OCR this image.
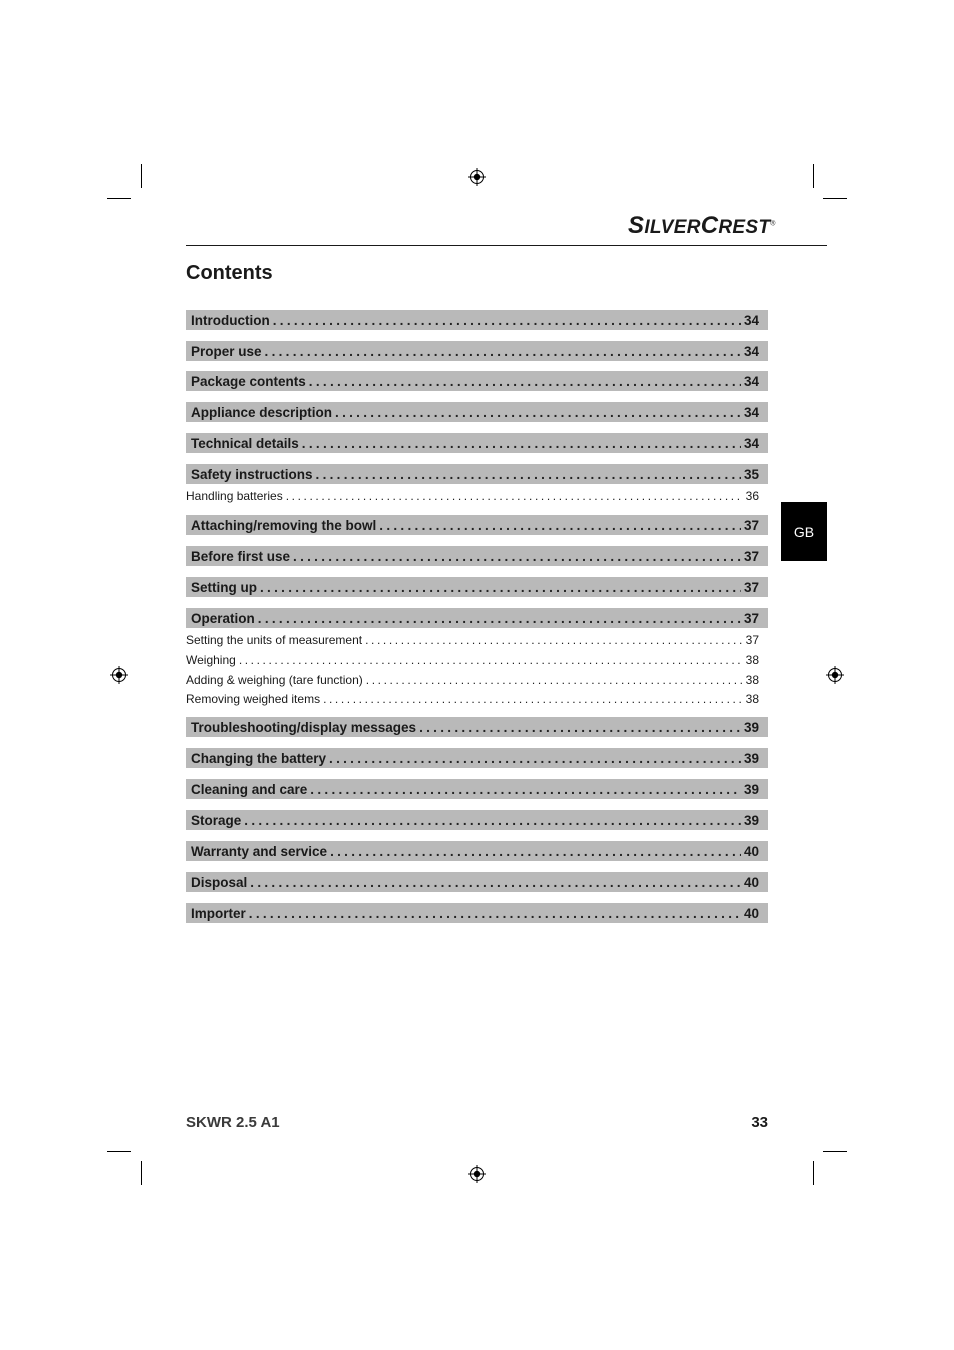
SILVERCREST®
Contents
Introduction .....	34
Proper use .....	34
Package contents .....	34
Appliance description .....	34
Technical details .....	34
Safety instructions .....	35
Handling batteries .....	36
Attaching/removing the bowl .....	37
Before first use .....	37
Setting up .....	37
Operation .....	37
Setting the units of measurement .....	37
Weighing .....	38
Adding & weighing (tare function) .....	38
Removing weighed items .....	38
Troubleshooting/display messages .....	39
Changing the battery .....	39
Cleaning and care .....	39
Storage .....	39
Warranty and service .....	40
Disposal .....	40
Importer .....	40
GB
SKWR 2.5 A1	33
